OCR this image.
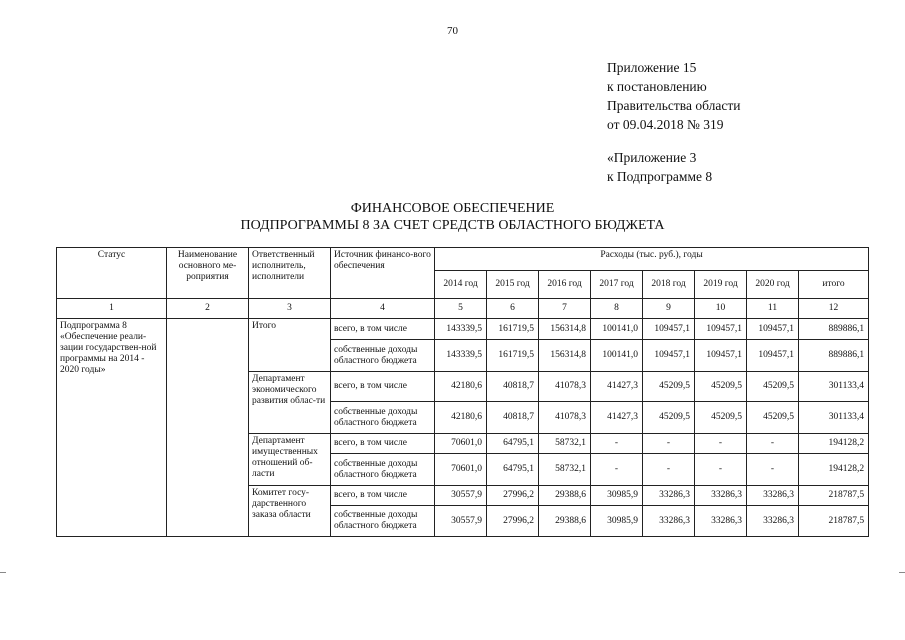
70
Приложение 15
к постановлению
Правительства области
от 09.04.2018 № 319
«Приложение 3
к Подпрограмме 8
ФИНАНСОВОЕ ОБЕСПЕЧЕНИЕ
ПОДПРОГРАММЫ 8 ЗА СЧЕТ СРЕДСТВ ОБЛАСТНОГО БЮДЖЕТА
Статус	Наименование основного ме-роприятия	Ответственный исполнитель, исполнители	Источник финансо-вого обеспечения	Расходы (тыс. руб.), годы							
				2014 год	2015 год	2016 год	2017 год	2018 год	2019 год	2020 год	итого
1	2	3	4	5	6	7	8	9	10	11	12
Подпрограмма 8 «Обеспечение реали-зации государствен-ной программы на 2014 - 2020 годы»		Итого	всего, в том числе	143339,5	161719,5	156314,8	100141,0	109457,1	109457,1	109457,1	889886,1
			собственные доходы областного бюджета	143339,5	161719,5	156314,8	100141,0	109457,1	109457,1	109457,1	889886,1
		Департамент экономического развития облас-ти	всего, в том числе	42180,6	40818,7	41078,3	41427,3	45209,5	45209,5	45209,5	301133,4
			собственные доходы областного бюджета	42180,6	40818,7	41078,3	41427,3	45209,5	45209,5	45209,5	301133,4
		Департамент имущественных отношений об-ласти	всего, в том числе	70601,0	64795,1	58732,1	-	-	-	-	194128,2
			собственные доходы областного бюджета	70601,0	64795,1	58732,1	-	-	-	-	194128,2
		Комитет госу-дарственного заказа области	всего, в том числе	30557,9	27996,2	29388,6	30985,9	33286,3	33286,3	33286,3	218787,5
			собственные доходы областного бюджета	30557,9	27996,2	29388,6	30985,9	33286,3	33286,3	33286,3	218787,5
